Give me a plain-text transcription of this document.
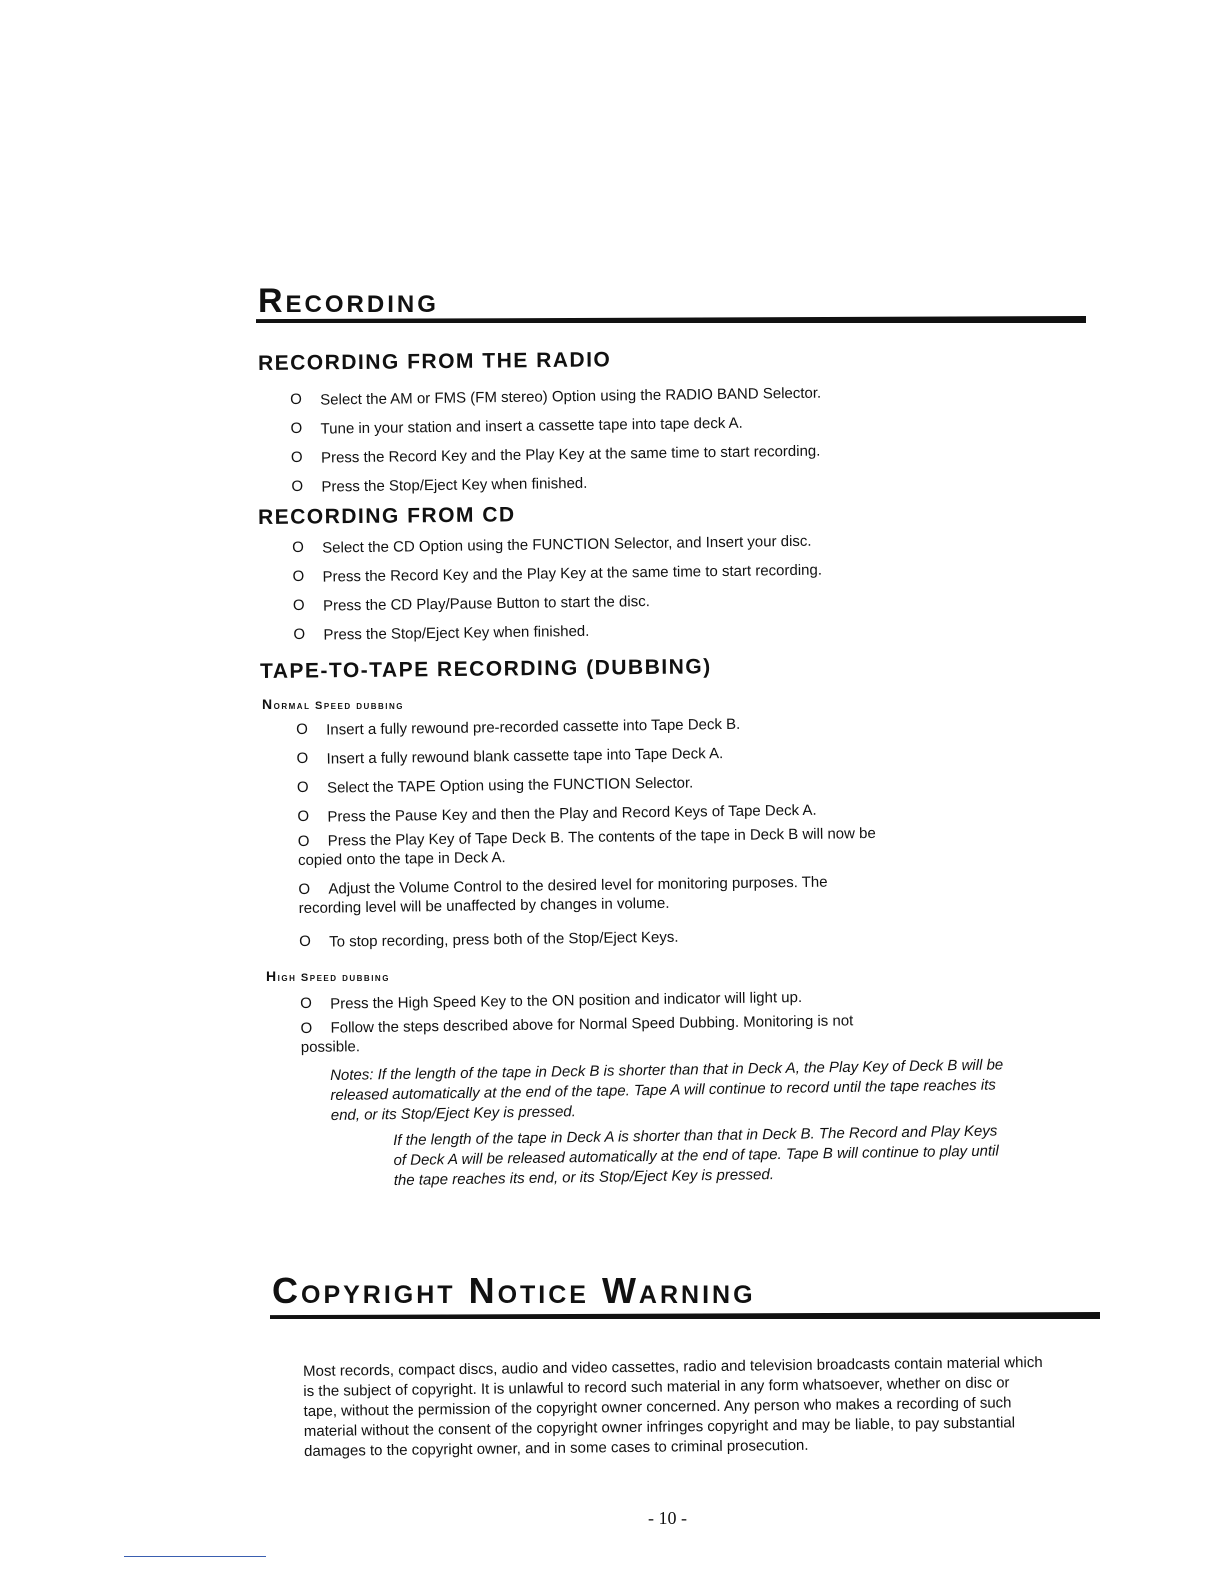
Recording
RECORDING FROM THE RADIO
O Select the AM or FMS (FM stereo) Option using the RADIO BAND Selector.
O Tune in your station and insert a cassette tape into tape deck A.
O Press the Record Key and the Play Key at the same time to start recording.
O Press the Stop/Eject Key when finished.
RECORDING FROM CD
O Select the CD Option using the FUNCTION Selector, and Insert your disc.
O Press the Record Key and the Play Key at the same time to start recording.
O Press the CD Play/Pause Button to start the disc.
O Press the Stop/Eject Key when finished.
TAPE-TO-TAPE RECORDING (DUBBING)
Normal Speed dubbing
O Insert a fully rewound pre-recorded cassette into Tape Deck B.
O Insert a fully rewound blank cassette tape into Tape Deck A.
O Select the TAPE Option using the FUNCTION Selector.
O Press the Pause Key and then the Play and Record Keys of Tape Deck A.
O Press the Play Key of Tape Deck B. The contents of the tape in Deck B will now be
copied onto the tape in Deck A.
O Adjust the Volume Control to the desired level for monitoring purposes. The
recording level will be unaffected by changes in volume.
O To stop recording, press both of the Stop/Eject Keys.
High Speed dubbing
O Press the High Speed Key to the ON position and indicator will light up.
O Follow the steps described above for Normal Speed Dubbing. Monitoring is not
possible.

Notes: If the length of the tape in Deck B is shorter than that in Deck A, the Play Key of Deck B will be released automatically at the end of the tape. Tape A will continue to record until the tape reaches its end, or its Stop/Eject Key is pressed.

If the length of the tape in Deck A is shorter than that in Deck B. The Record and Play Keys of Deck A will be released automatically at the end of tape. Tape B will continue to play until the tape reaches its end, or its Stop/Eject Key is pressed.

Copyright Notice Warning

Most records, compact discs, audio and video cassettes, radio and television broadcasts contain material which is the subject of copyright. It is unlawful to record such material in any form whatsoever, whether on disc or tape, without the permission of the copyright owner concerned. Any person who makes a recording of such material without the consent of the copyright owner infringes copyright and may be liable, to pay substantial damages to the copyright owner, and in some cases to criminal prosecution.

- 10 -
